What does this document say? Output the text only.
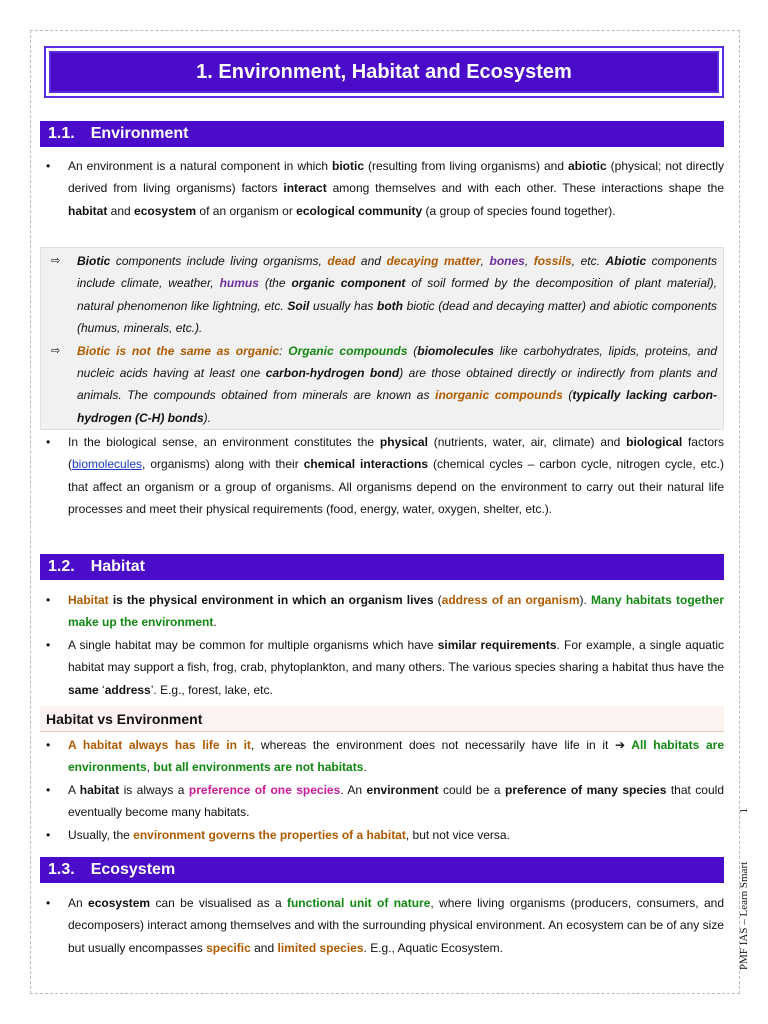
1. Environment, Habitat and Ecosystem
1.1. Environment
• An environment is a natural component in which biotic (resulting from living organisms) and abiotic (physical; not directly derived from living organisms) factors interact among themselves and with each other. These interactions shape the habitat and ecosystem of an organism or ecological community (a group of species found together).
⇨ Biotic components include living organisms, dead and decaying matter, bones, fossils, etc. Abiotic components include climate, weather, humus (the organic component of soil formed by the decomposition of plant material), natural phenomenon like lightning, etc. Soil usually has both biotic (dead and decaying matter) and abiotic components (humus, minerals, etc.).
⇨ Biotic is not the same as organic: Organic compounds (biomolecules like carbohydrates, lipids, proteins, and nucleic acids having at least one carbon-hydrogen bond) are those obtained directly or indirectly from plants and animals. The compounds obtained from minerals are known as inorganic compounds (typically lacking carbon-hydrogen (C-H) bonds).
• In the biological sense, an environment constitutes the physical (nutrients, water, air, climate) and biological factors (biomolecules, organisms) along with their chemical interactions (chemical cycles – carbon cycle, nitrogen cycle, etc.) that affect an organism or a group of organisms. All organisms depend on the environment to carry out their natural life processes and meet their physical requirements (food, energy, water, oxygen, shelter, etc.).
1.2. Habitat
• Habitat is the physical environment in which an organism lives (address of an organism). Many habitats together make up the environment.
• A single habitat may be common for multiple organisms which have similar requirements. For example, a single aquatic habitat may support a fish, frog, crab, phytoplankton, and many others. The various species sharing a habitat thus have the same ‘address’. E.g., forest, lake, etc.
Habitat vs Environment
• A habitat always has life in it, whereas the environment does not necessarily have life in it ➔ All habitats are environments, but all environments are not habitats.
• A habitat is always a preference of one species. An environment could be a preference of many species that could eventually become many habitats.
• Usually, the environment governs the properties of a habitat, but not vice versa.
1.3. Ecosystem
• An ecosystem can be visualised as a functional unit of nature, where living organisms (producers, consumers, and decomposers) interact among themselves and with the surrounding physical environment. An ecosystem can be of any size but usually encompasses specific and limited species. E.g., Aquatic Ecosystem.
1
PMF IAS – Learn Smart
